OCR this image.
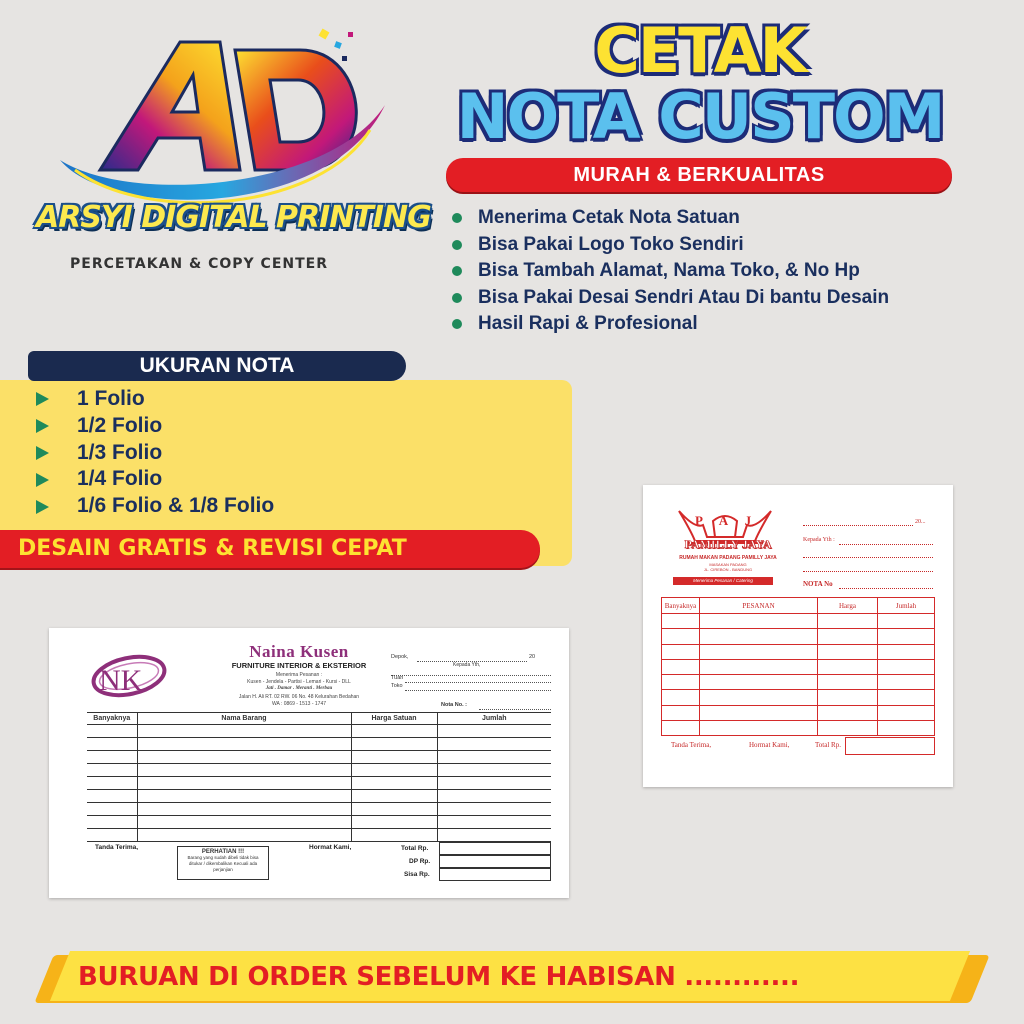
ARSYI DIGITAL PRINTING
PERCETAKAN & COPY CENTER
CETAK
NOTA CUSTOM
MURAH & BERKUALITAS
Menerima Cetak Nota Satuan
Bisa Pakai Logo Toko Sendiri
Bisa Tambah Alamat, Nama Toko, & No Hp
Bisa Pakai Desai Sendri Atau Di bantu Desain
Hasil Rapi & Profesional
1 Folio
1/2 Folio
1/3 Folio
1/4 Folio
1/6 Folio & 1/8 Folio
UKURAN NOTA
DESAIN GRATIS & REVISI CEPAT
NK
Naina Kusen
FURNITURE INTERIOR & EKSTERIOR
Menerima Pesanan :
Kusen - Jendela - Partisi - Lemari - Kursi - DLL
Jati . Damar . Meranti . Merbau
Jalan H. Ali RT. 02 RW. 06 No. 48 Kelurahan Bedahan
WA : 0869 - 1513 - 1747
Depok,	20
Kepada Yth,
Tuan
Toko
Nota No. :
Banyaknya	Nama Barang	Harga Satuan	Jumlah

Tanda Terima,
PERHATIAN !!!
Barang yang sudah dibeli tidak bisa ditukar / dikembalikan Kecuali ada perjanjian
Hormat Kami,	Total Rp.
DP Rp.
Sisa Rp.
P A J
PAMILLY JAYA
RUMAH MAKAN PADANG PAMILLY JAYA
MASAKAN PADANG
JL. CIREBON - BANDUNG
Menerima Pesanan / Catering
20...
Kepada Yth :
NOTA No
Banyaknya	PESANAN	Harga	Jumlah

Tanda Terima,	Hormat Kami,	Total Rp.
BURUAN DI ORDER SEBELUM KE HABISAN ............
